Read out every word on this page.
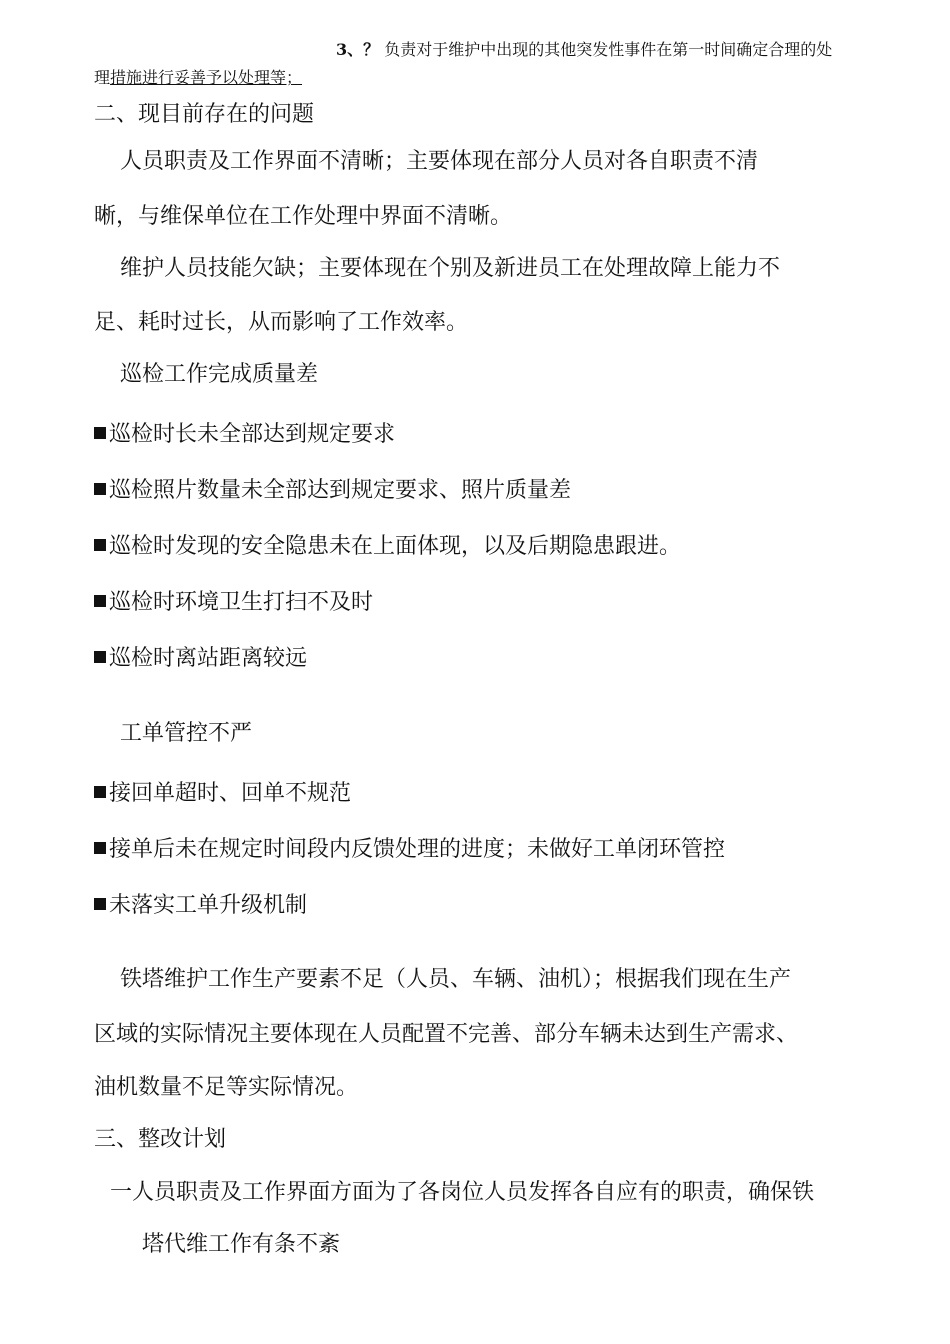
3、？ 负责对于维护中出现的其他突发性事件在第一时间确定合理的处
理措施进行妥善予以处理等；
二、现目前存在的问题
人员职责及工作界面不清晰；主要体现在部分人员对各自职责不清
晰，与维保单位在工作处理中界面不清晰。
维护人员技能欠缺；主要体现在个别及新进员工在处理故障上能力不
足、耗时过长，从而影响了工作效率。
巡检工作完成质量差
巡检时长未全部达到规定要求
巡检照片数量未全部达到规定要求、照片质量差
巡检时发现的安全隐患未在上面体现，以及后期隐患跟进。
巡检时环境卫生打扫不及时
巡检时离站距离较远
工单管控不严
接回单超时、回单不规范
接单后未在规定时间段内反馈处理的进度；未做好工单闭环管控
未落实工单升级机制
铁塔维护工作生产要素不足（人员、车辆、油机）；根据我们现在生产
区域的实际情况主要体现在人员配置不完善、部分车辆未达到生产需求、
油机数量不足等实际情况。
三、整改计划
一人员职责及工作界面方面为了各岗位人员发挥各自应有的职责，确保铁
塔代维工作有条不紊
